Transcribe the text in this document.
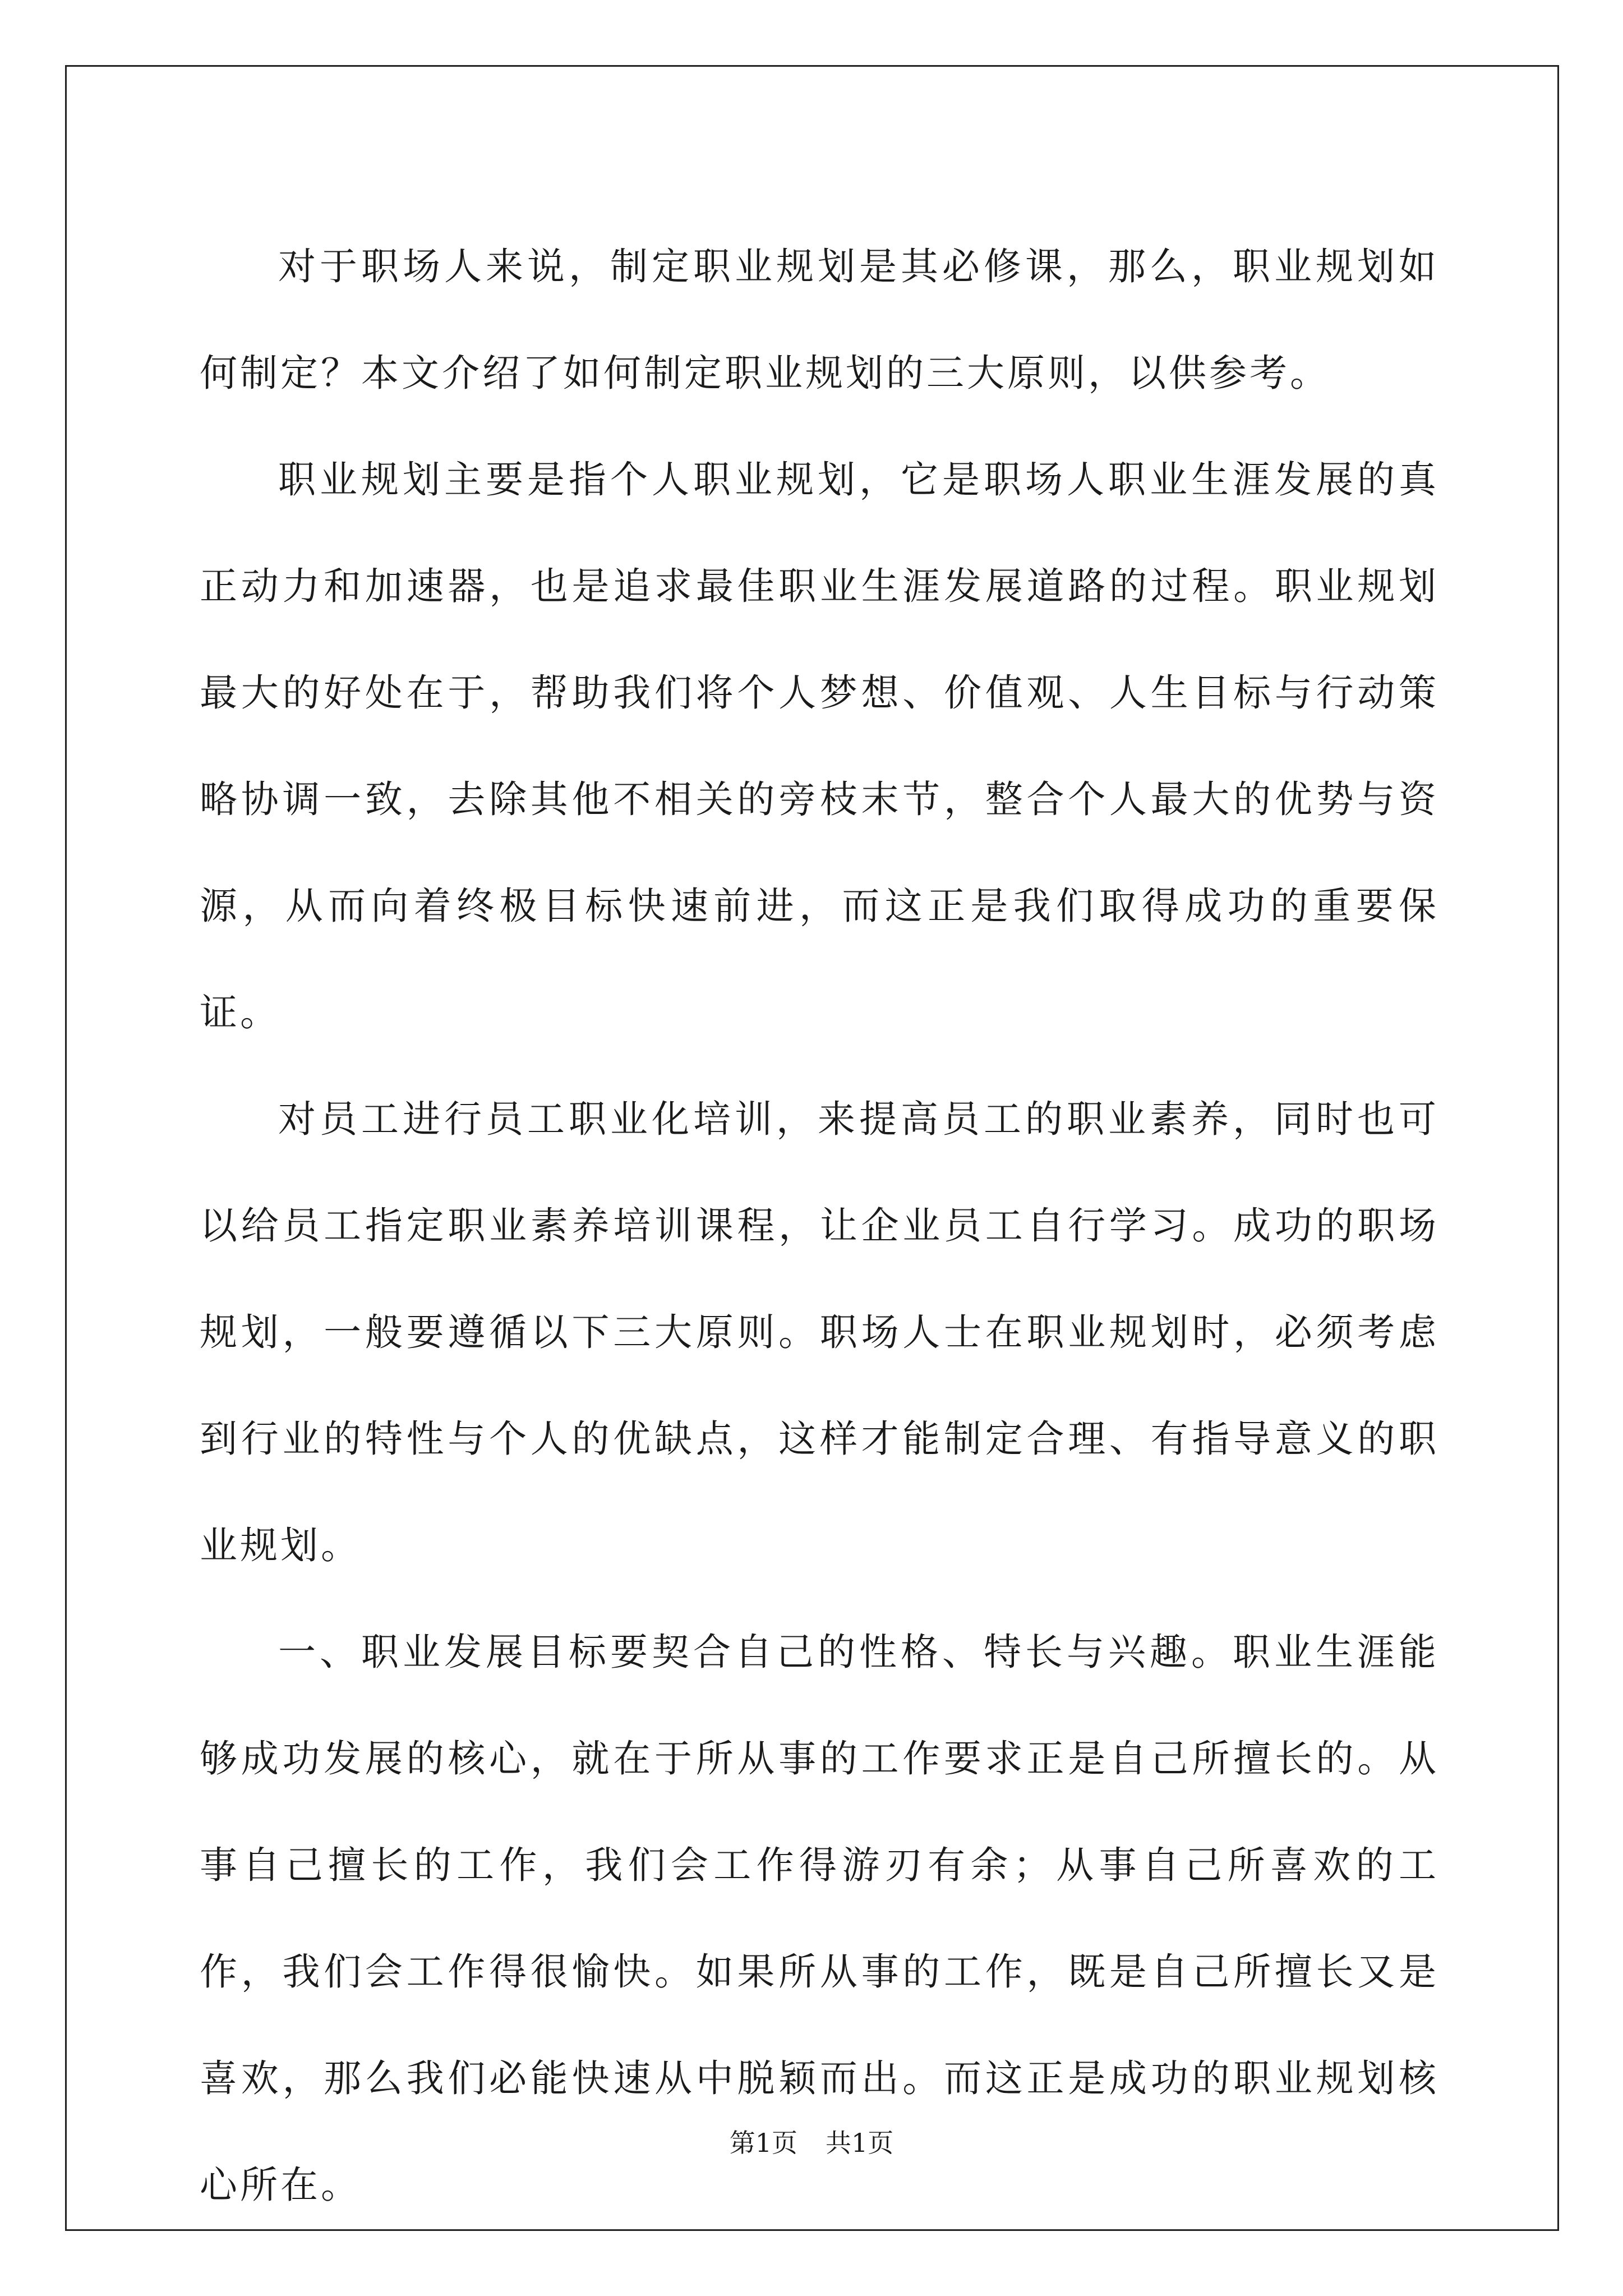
对于职场人来说，制定职业规划是其必修课，那么，职业规划如何制定？本文介绍了如何制定职业规划的三大原则，以供参考。

职业规划主要是指个人职业规划，它是职场人职业生涯发展的真正动力和加速器，也是追求最佳职业生涯发展道路的过程。职业规划最大的好处在于，帮助我们将个人梦想、价值观、人生目标与行动策略协调一致，去除其他不相关的旁枝末节，整合个人最大的优势与资源，从而向着终极目标快速前进，而这正是我们取得成功的重要保证。

对员工进行员工职业化培训，来提高员工的职业素养，同时也可以给员工指定职业素养培训课程，让企业员工自行学习。成功的职场规划，一般要遵循以下三大原则。职场人士在职业规划时，必须考虑到行业的特性与个人的优缺点，这样才能制定合理、有指导意义的职业规划。

一、职业发展目标要契合自己的性格、特长与兴趣。职业生涯能够成功发展的核心，就在于所从事的工作要求正是自己所擅长的。从事自己擅长的工作，我们会工作得游刃有余；从事自己所喜欢的工作，我们会工作得很愉快。如果所从事的工作，既是自己所擅长又是喜欢，那么我们必能快速从中脱颖而出。而这正是成功的职业规划核心所在。

第1页 共1页
